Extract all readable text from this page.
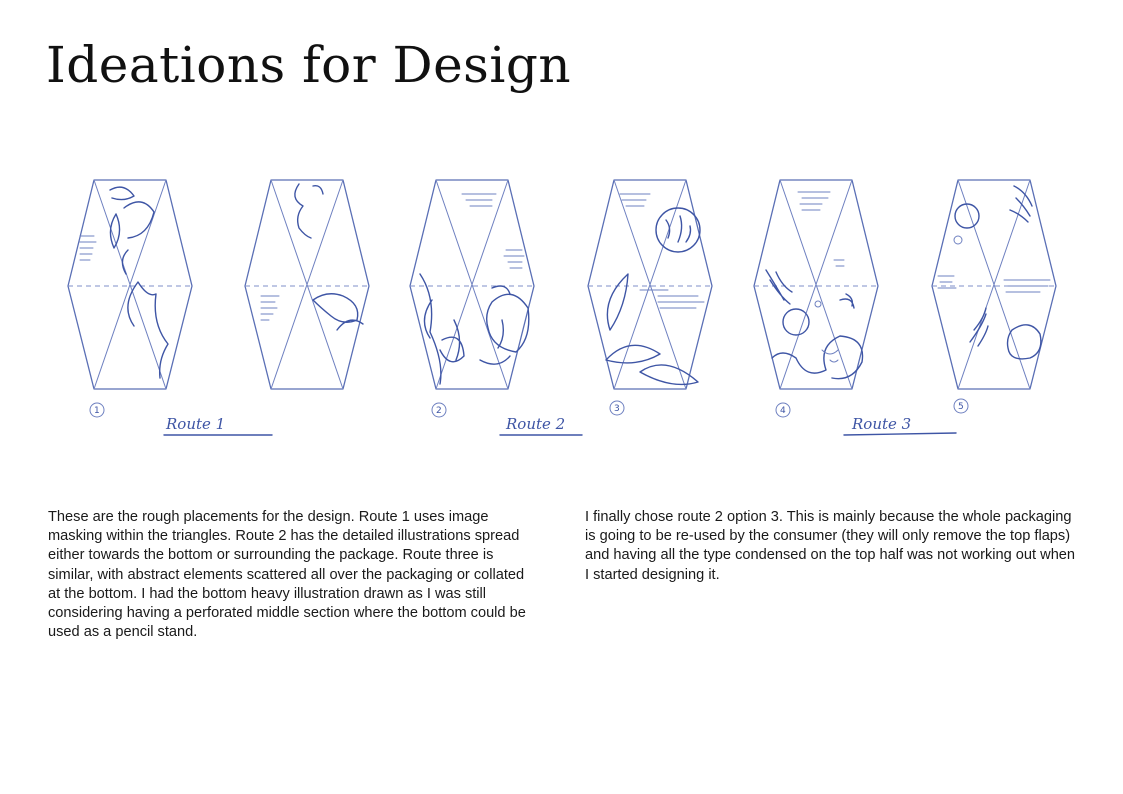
Ideations for Design
1	2	3	4	5
Route 1	Route 2	Route 3

These are the rough placements for the design. Route 1 uses image masking within the triangles. Route 2 has the detailed illustrations spread either towards the bottom or surrounding the package. Route three is similar, with abstract elements scattered all over the packaging or collated at the bottom. I had the bottom heavy illustration drawn as I was still considering having a perforated middle section where the bottom could be used as a pencil stand.

I finally chose route 2 option 3. This is mainly because the whole packaging is going to be re-used by the consumer (they will only remove the top flaps) and having all the type condensed on the top half was not working out when I started designing it.
